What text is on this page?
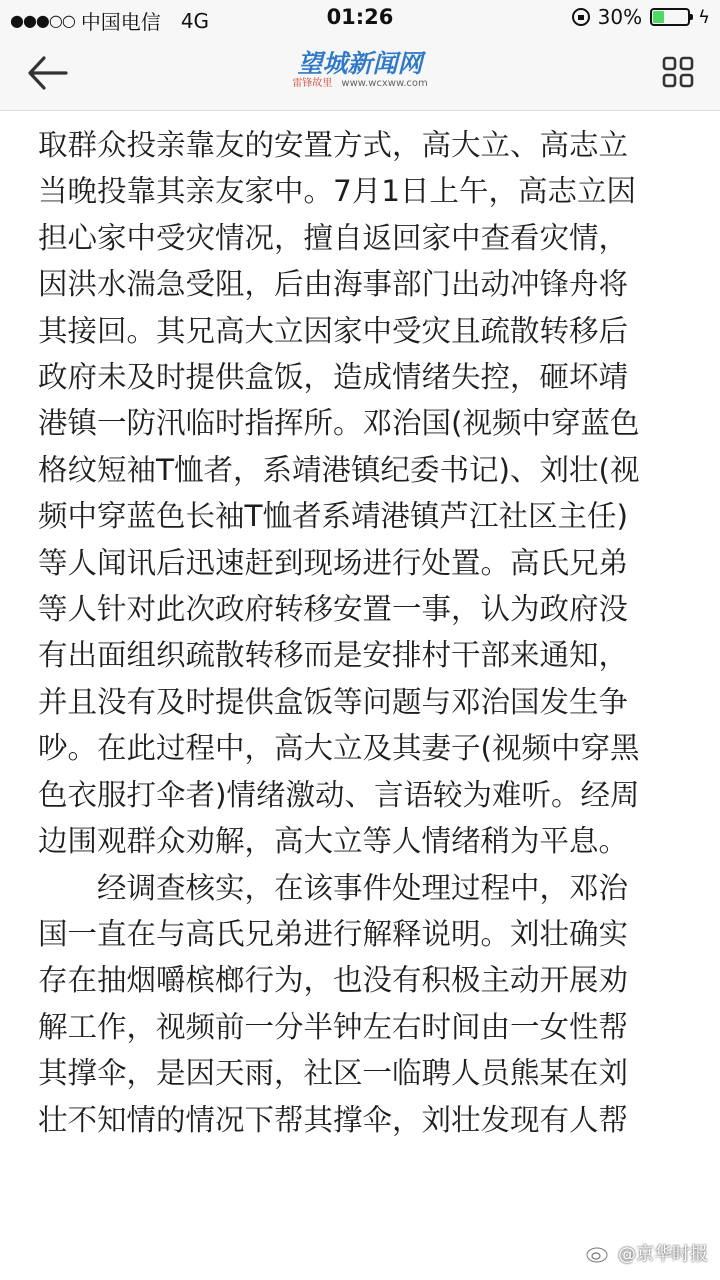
●●●○○ 中国电信 4G	01:26	30%	ϟ
望城新闻网
雷锋故里 www.wcxww.com

取群众投亲靠友的安置方式，高大立、高志立

当晚投靠其亲友家中。7月1日上午，高志立因

担心家中受灾情况，擅自返回家中查看灾情，

因洪水湍急受阻，后由海事部门出动冲锋舟将

其接回。其兄高大立因家中受灾且疏散转移后

政府未及时提供盒饭，造成情绪失控，砸坏靖

港镇一防汛临时指挥所。邓治国(视频中穿蓝色

格纹短袖T恤者，系靖港镇纪委书记)、刘壮(视

频中穿蓝色长袖T恤者系靖港镇芦江社区主任)

等人闻讯后迅速赶到现场进行处置。高氏兄弟

等人针对此次政府转移安置一事，认为政府没

有出面组织疏散转移而是安排村干部来通知，

并且没有及时提供盒饭等问题与邓治国发生争

吵。在此过程中，高大立及其妻子(视频中穿黑

色衣服打伞者)情绪激动、言语较为难听。经周

边围观群众劝解，高大立等人情绪稍为平息。

　　经调查核实，在该事件处理过程中，邓治

国一直在与高氏兄弟进行解释说明。刘壮确实

存在抽烟嚼槟榔行为，也没有积极主动开展劝

解工作，视频前一分半钟左右时间由一女性帮

其撑伞，是因天雨，社区一临聘人员熊某在刘

壮不知情的情况下帮其撑伞，刘壮发现有人帮

@京华时报
